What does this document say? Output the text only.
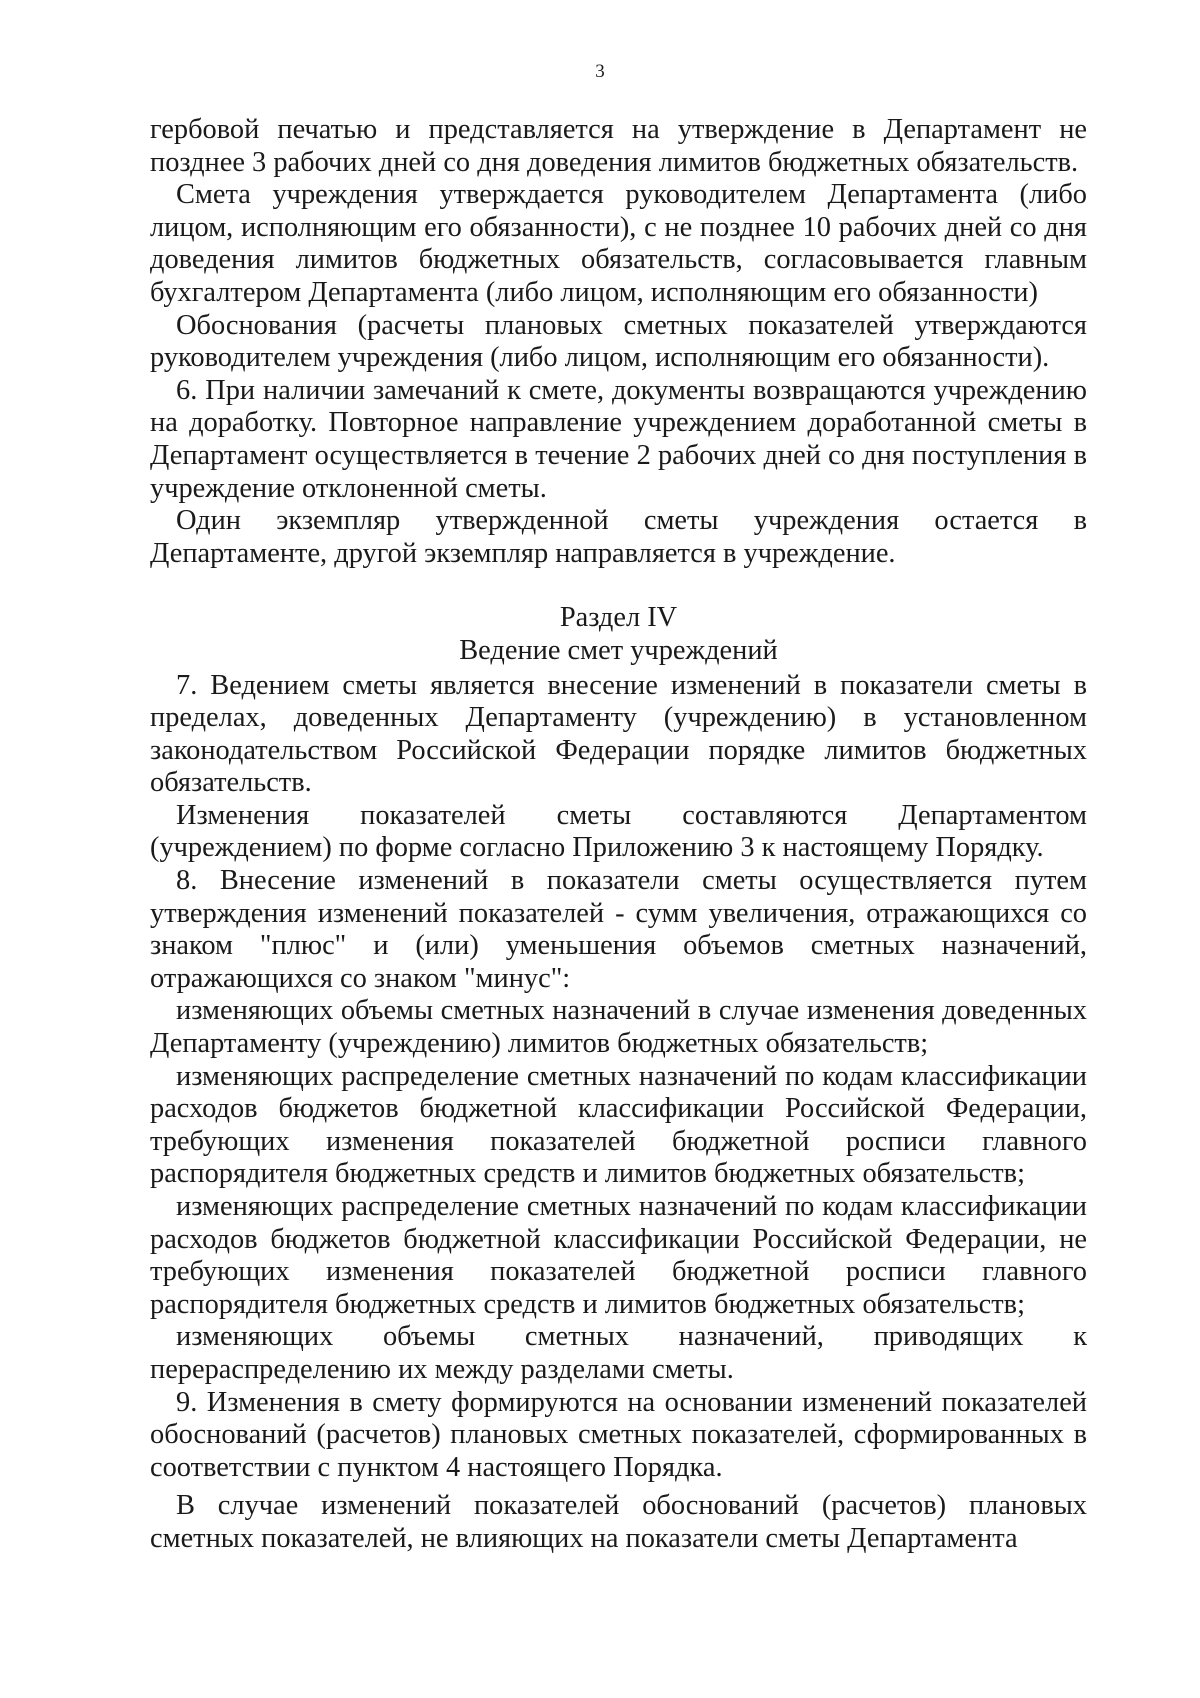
3

гербовой печатью и представляется на утверждение в Департамент не позднее 3 рабочих дней со дня доведения лимитов бюджетных обязательств.

Смета учреждения утверждается руководителем Департамента (либо лицом, исполняющим его обязанности), с не позднее 10 рабочих дней со дня доведения лимитов бюджетных обязательств, согласовывается главным бухгалтером Департамента (либо лицом, исполняющим его обязанности)

Обоснования (расчеты плановых сметных показателей утверждаются руководителем учреждения (либо лицом, исполняющим его обязанности).

6. При наличии замечаний к смете, документы возвращаются учреждению на доработку. Повторное направление учреждением доработанной сметы в Департамент осуществляется в течение 2 рабочих дней со дня поступления в учреждение отклоненной сметы.

Один экземпляр утвержденной сметы учреждения остается в Департаменте, другой экземпляр направляется в учреждение.

Раздел IV
Ведение смет учреждений

7. Ведением сметы является внесение изменений в показатели сметы в пределах, доведенных Департаменту (учреждению) в установленном законодательством Российской Федерации порядке лимитов бюджетных обязательств.

Изменения показателей сметы составляются Департаментом (учреждением) по форме согласно Приложению 3 к настоящему Порядку.

8. Внесение изменений в показатели сметы осуществляется путем утверждения изменений показателей - сумм увеличения, отражающихся со знаком "плюс" и (или) уменьшения объемов сметных назначений, отражающихся со знаком "минус":

изменяющих объемы сметных назначений в случае изменения доведенных Департаменту (учреждению) лимитов бюджетных обязательств;

изменяющих распределение сметных назначений по кодам классификации расходов бюджетов бюджетной классификации Российской Федерации, требующих изменения показателей бюджетной росписи главного распорядителя бюджетных средств и лимитов бюджетных обязательств;

изменяющих распределение сметных назначений по кодам классификации расходов бюджетов бюджетной классификации Российской Федерации, не требующих изменения показателей бюджетной росписи главного распорядителя бюджетных средств и лимитов бюджетных обязательств;

изменяющих объемы сметных назначений, приводящих к перераспределению их между разделами сметы.

9. Изменения в смету формируются на основании изменений показателей обоснований (расчетов) плановых сметных показателей, сформированных в соответствии с пунктом 4 настоящего Порядка.

В случае изменений показателей обоснований (расчетов) плановых сметных показателей, не влияющих на показатели сметы Департамента
